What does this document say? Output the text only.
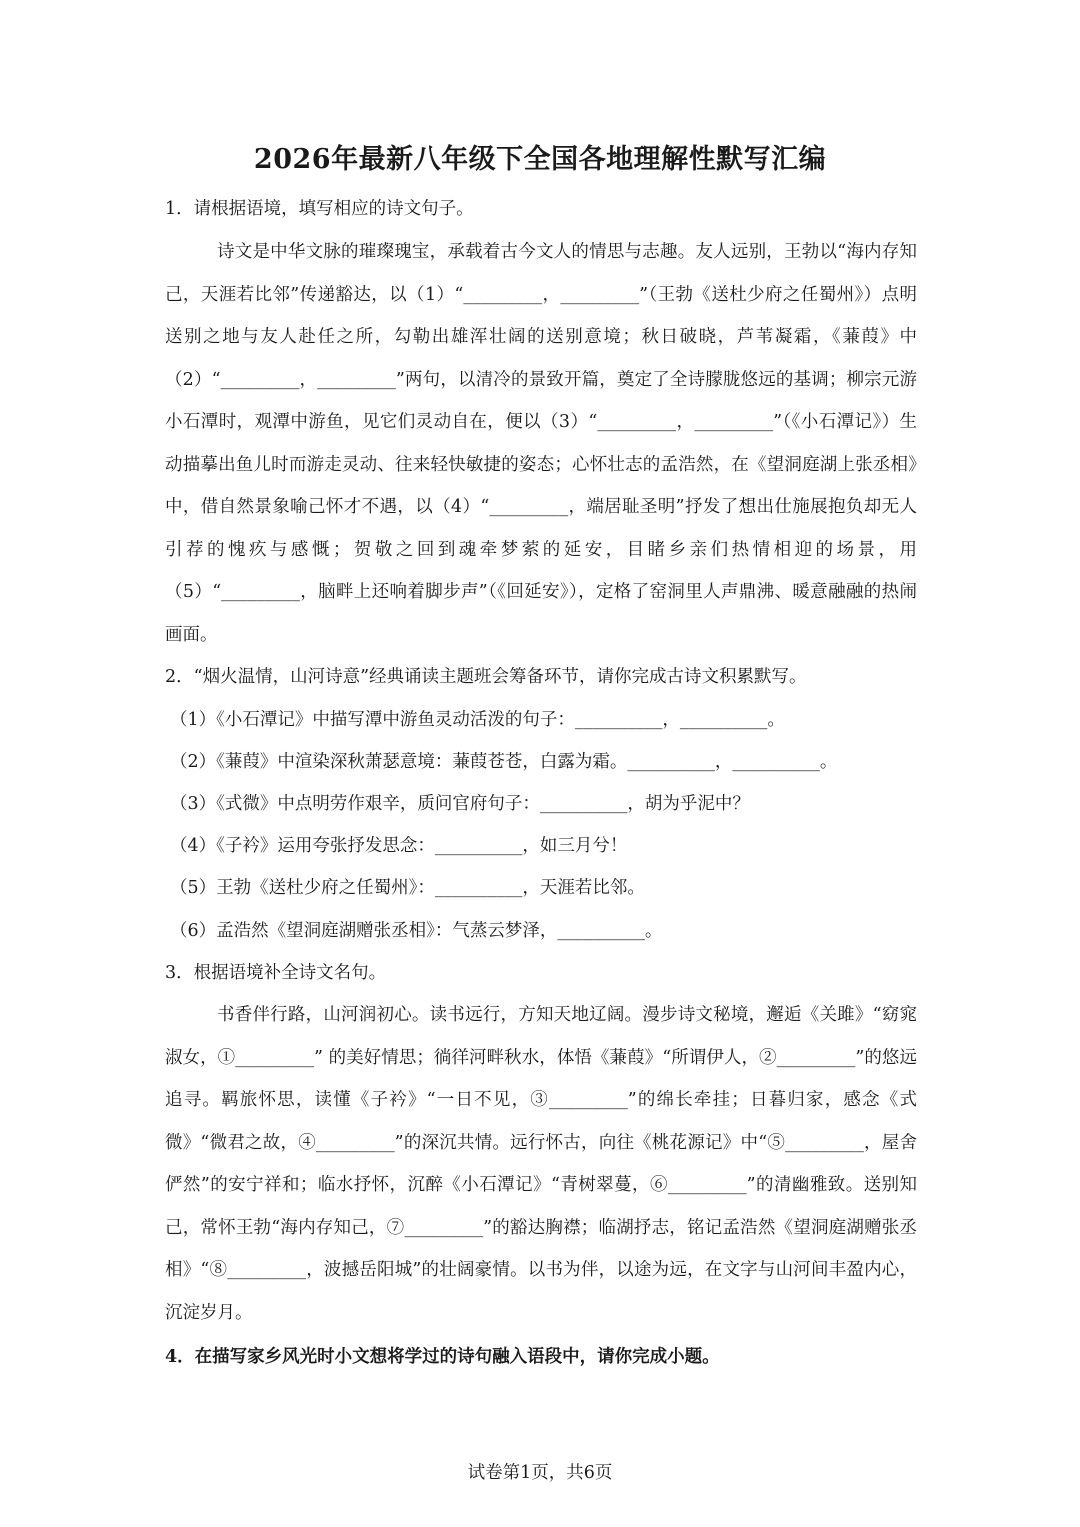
2026年最新八年级下全国各地理解性默写汇编
1．请根据语境，填写相应的诗文句子。

诗文是中华文脉的璀璨瑰宝，承载着古今文人的情思与志趣。友人远别，王勃以“海内存知己，天涯若比邻”传递豁达，以（1）“_________，_________”（王勃《送杜少府之任蜀州》）点明送别之地与友人赴任之所，勾勒出雄浑壮阔的送别意境；秋日破晓，芦苇凝霜，《蒹葭》中（2）“_________，_________”两句，以清冷的景致开篇，奠定了全诗朦胧悠远的基调；柳宗元游小石潭时，观潭中游鱼，见它们灵动自在，便以（3）“_________，_________”（《小石潭记》）生动描摹出鱼儿时而游走灵动、往来轻快敏捷的姿态；心怀壮志的孟浩然，在《望洞庭湖上张丞相》中，借自然景象喻己怀才不遇，以（4）“_________，端居耻圣明”抒发了想出仕施展抱负却无人引荐的愧疚与感慨；贺敬之回到魂牵梦萦的延安，目睹乡亲们热情相迎的场景，用（5）“_________，脑畔上还响着脚步声”（《回延安》），定格了窑洞里人声鼎沸、暖意融融的热闹画面。

2．“烟火温情，山河诗意”经典诵读主题班会筹备环节，请你完成古诗文积累默写。
（1）《小石潭记》中描写潭中游鱼灵动活泼的句子：__________，__________。
（2）《蒹葭》中渲染深秋萧瑟意境：蒹葭苍苍，白露为霜。__________，__________。
（3）《式微》中点明劳作艰辛，质问官府句子：__________，胡为乎泥中？
（4）《子衿》运用夸张抒发思念：__________，如三月兮！
（5）王勃《送杜少府之任蜀州》：__________，天涯若比邻。
（6）孟浩然《望洞庭湖赠张丞相》：气蒸云梦泽，__________。
3．根据语境补全诗文名句。

书香伴行路，山河润初心。读书远行，方知天地辽阔。漫步诗文秘境，邂逅《关雎》“窈窕淑女，①_________” 的美好情思；徜徉河畔秋水，体悟《蒹葭》“所谓伊人，②_________”的悠远追寻。羁旅怀思，读懂《子衿》“一日不见，③_________”的绵长牵挂；日暮归家，感念《式微》“微君之故，④_________”的深沉共情。远行怀古，向往《桃花源记》中“⑤_________，屋舍俨然”的安宁祥和；临水抒怀，沉醉《小石潭记》“青树翠蔓，⑥_________”的清幽雅致。送别知己，常怀王勃“海内存知己，⑦_________”的豁达胸襟；临湖抒志，铭记孟浩然《望洞庭湖赠张丞相》“⑧_________，波撼岳阳城”的壮阔豪情。以书为伴，以途为远，在文字与山河间丰盈内心，沉淀岁月。

4．在描写家乡风光时小文想将学过的诗句融入语段中，请你完成小题。
试卷第1页，共6页
